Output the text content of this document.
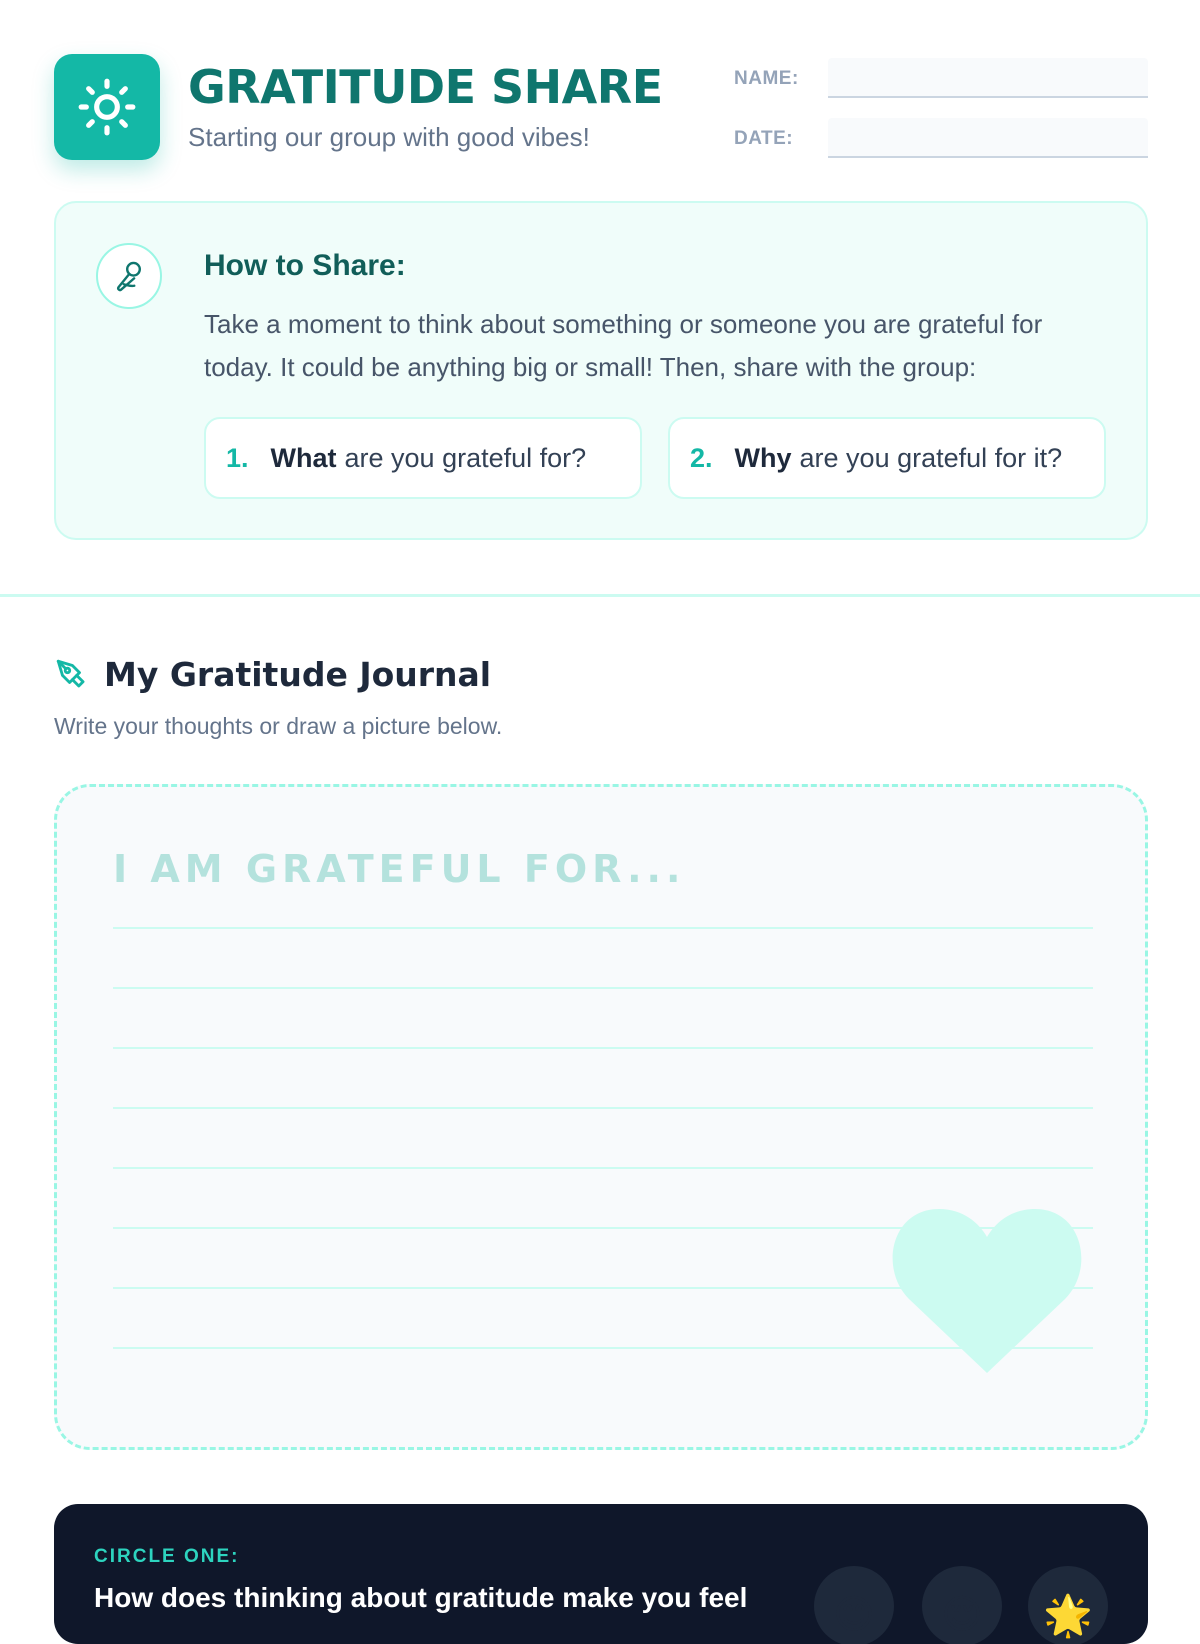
GRATITUDE SHARE
Starting our group with good vibes!
NAME:
DATE:
How to Share:
Take a moment to think about something or someone you are grateful for today. It could be anything big or small! Then, share with the group:
1. What are you grateful for?	2. Why are you grateful for it?
My Gratitude Journal
Write your thoughts or draw a picture below.
I AM GRATEFUL FOR...
CIRCLE ONE:
How does thinking about gratitude make you feel 😊 😌 🌟
